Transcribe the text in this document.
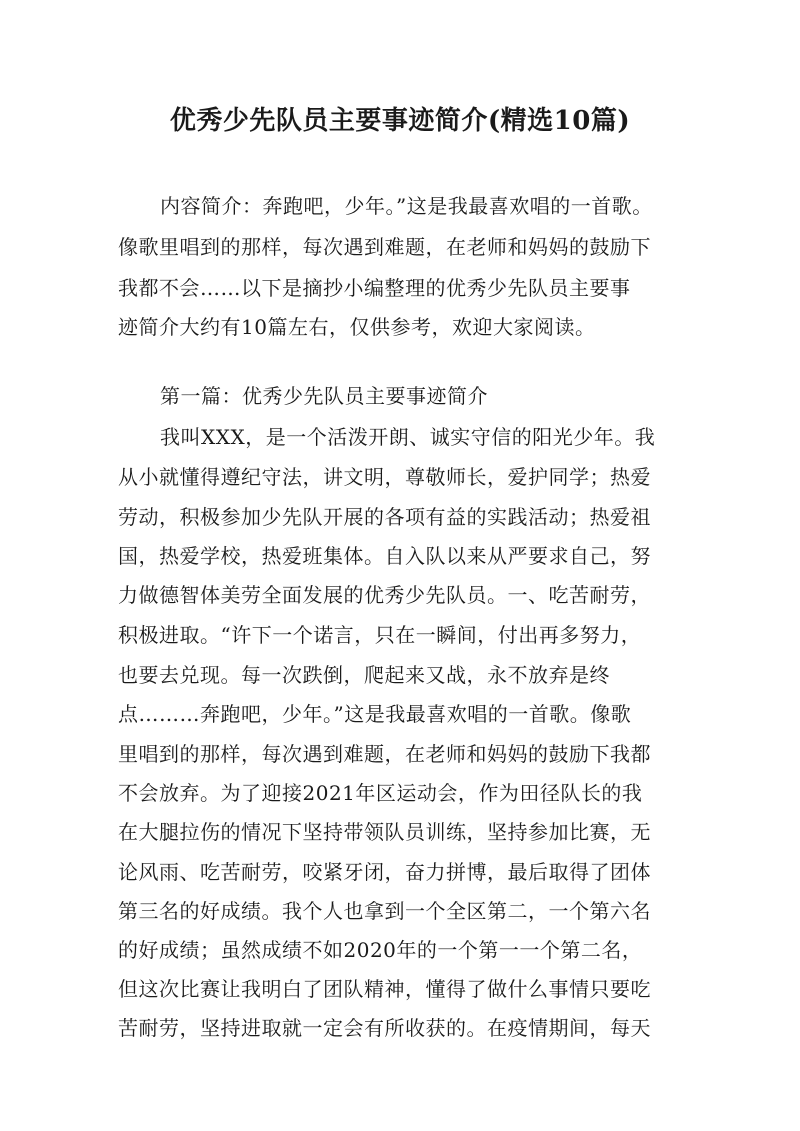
优秀少先队员主要事迹简介(精选10篇)
内容简介：奔跑吧，少年。”这是我最喜欢唱的一首歌。
像歌里唱到的那样，每次遇到难题，在老师和妈妈的鼓励下
我都不会……以下是摘抄小编整理的优秀少先队员主要事
迹简介大约有10篇左右，仅供参考，欢迎大家阅读。
第一篇：优秀少先队员主要事迹简介
我叫XXX，是一个活泼开朗、诚实守信的阳光少年。我
从小就懂得遵纪守法，讲文明，尊敬师长，爱护同学；热爱
劳动，积极参加少先队开展的各项有益的实践活动；热爱祖
国，热爱学校，热爱班集体。自入队以来从严要求自己，努
力做德智体美劳全面发展的优秀少先队员。一、吃苦耐劳，
积极进取。“许下一个诺言，只在一瞬间，付出再多努力，
也要去兑现。每一次跌倒，爬起来又战，永不放弃是终
点………奔跑吧，少年。”这是我最喜欢唱的一首歌。像歌
里唱到的那样，每次遇到难题，在老师和妈妈的鼓励下我都
不会放弃。为了迎接2021年区运动会，作为田径队长的我
在大腿拉伤的情况下坚持带领队员训练，坚持参加比赛，无
论风雨、吃苦耐劳，咬紧牙闭，奋力拼博，最后取得了团体
第三名的好成绩。我个人也拿到一个全区第二，一个第六名
的好成绩；虽然成绩不如2020年的一个第一一个第二名，
但这次比赛让我明白了团队精神，懂得了做什么事情只要吃
苦耐劳，坚持进取就一定会有所收获的。在疫情期间，每天
